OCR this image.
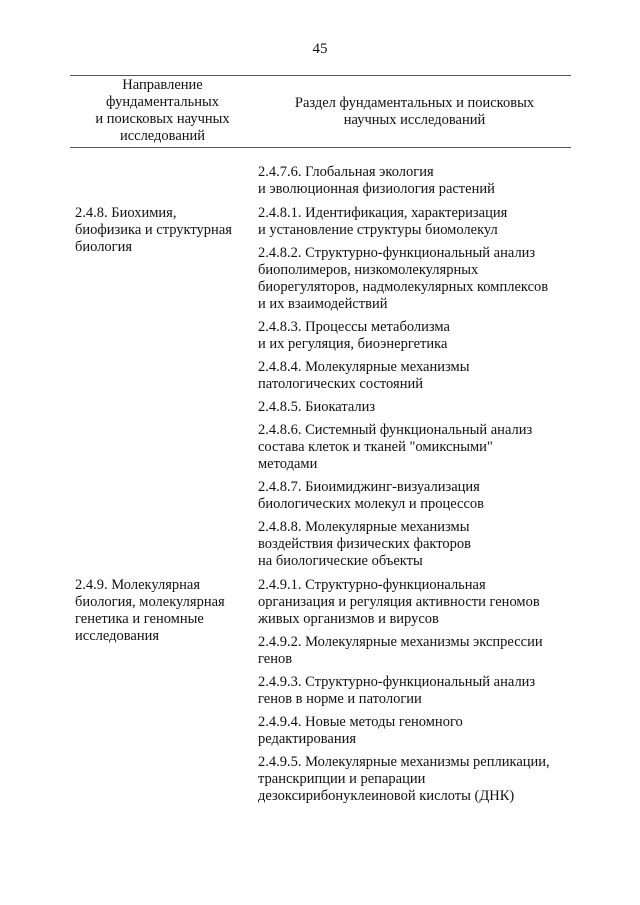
45
Направление
фундаментальных
и поисковых научных
исследований
Раздел фундаментальных и поисковых
научных исследований
2.4.7.6. Глобальная экология
и эволюционная физиология растений
2.4.8. Биохимия,
биофизика и структурная
биология
2.4.8.1. Идентификация, характеризация
и установление структуры биомолекул
2.4.8.2. Структурно-функциональный анализ
биополимеров, низкомолекулярных
биорегуляторов, надмолекулярных комплексов
и их взаимодействий
2.4.8.3. Процессы метаболизма
и их регуляция, биоэнергетика
2.4.8.4. Молекулярные механизмы
патологических состояний
2.4.8.5. Биокатализ
2.4.8.6. Системный функциональный анализ
состава клеток и тканей "омиксными"
методами
2.4.8.7. Биоимиджинг-визуализация
биологических молекул и процессов
2.4.8.8. Молекулярные механизмы
воздействия физических факторов
на биологические объекты
2.4.9. Молекулярная
биология, молекулярная
генетика и геномные
исследования
2.4.9.1. Структурно-функциональная
организация и регуляция активности геномов
живых организмов и вирусов
2.4.9.2. Молекулярные механизмы экспрессии
генов
2.4.9.3. Структурно-функциональный анализ
генов в норме и патологии
2.4.9.4. Новые методы геномного
редактирования
2.4.9.5. Молекулярные механизмы репликации,
транскрипции и репарации
дезоксирибонуклеиновой кислоты (ДНК)
